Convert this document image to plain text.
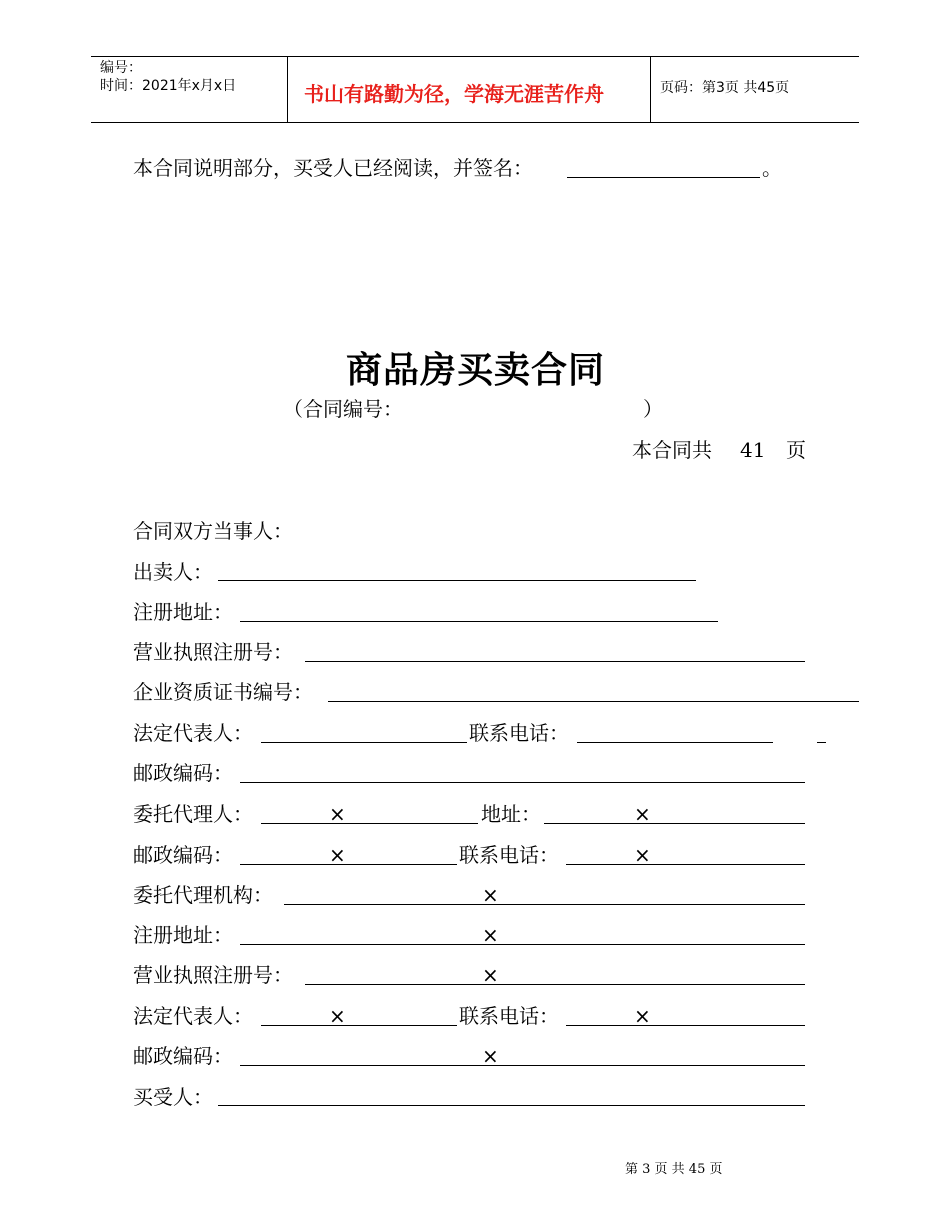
编号：
时间：2021年x月x日	书山有路勤为径，学海无涯苦作舟	页码：第3页 共45页
本合同说明部分，买受人已经阅读，并签名：	。
商品房买卖合同
（合同编号：	）
本合同共 41 页
合同双方当事人：
出卖人：
注册地址：
营业执照注册号：
企业资质证书编号：
法定代表人：	联系电话：
邮政编码：
委托代理人：	×	地址：	×
邮政编码：	×	联系电话：	×
委托代理机构：	×
注册地址：	×
营业执照注册号：	×
法定代表人：	×	联系电话：	×
邮政编码：	×
买受人：
第 3 页 共 45 页
